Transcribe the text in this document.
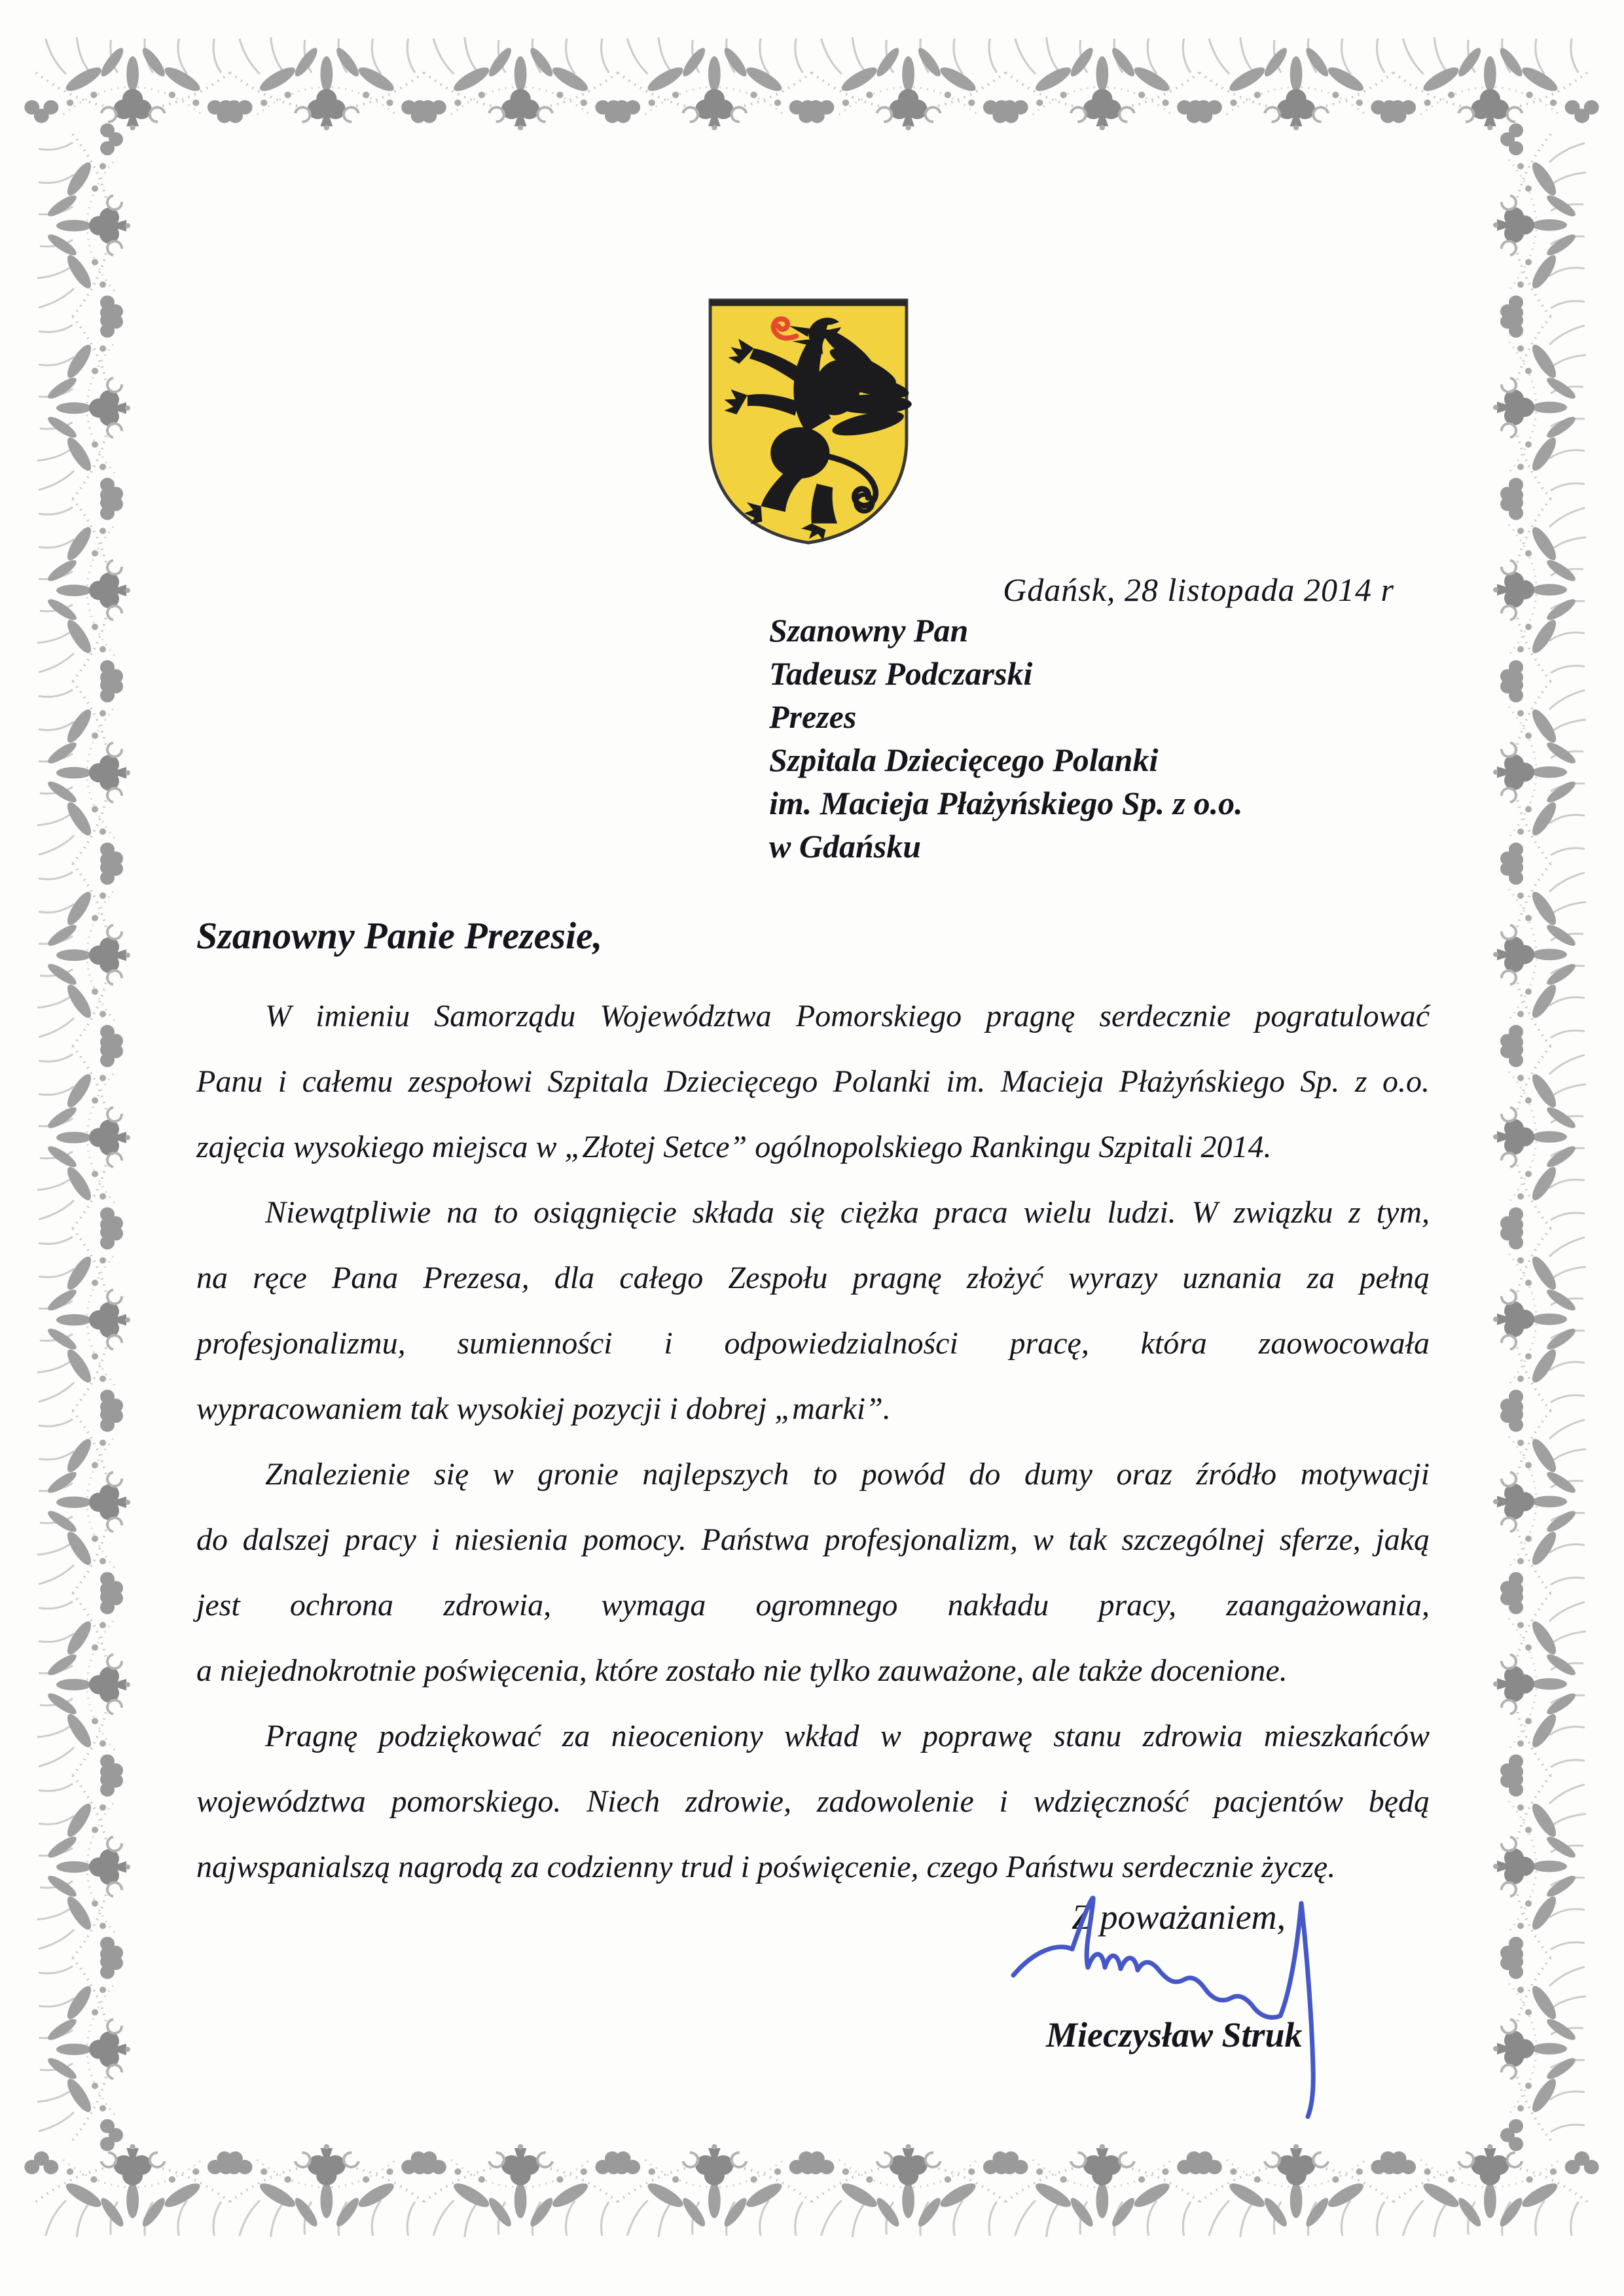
Gdańsk, 28 listopada 2014 r
Szanowny Pan
Tadeusz Podczarski
Prezes
Szpitala Dziecięcego Polanki
im. Macieja Płażyńskiego Sp. z o.o.
w Gdańsku
Szanowny Panie Prezesie,
W imieniu Samorządu Województwa Pomorskiego pragnę serdecznie pogratulować
Panu i całemu zespołowi Szpitala Dziecięcego Polanki im. Macieja Płażyńskiego Sp. z o.o.
zajęcia wysokiego miejsca w „Złotej Setce” ogólnopolskiego Rankingu Szpitali 2014.
Niewątpliwie na to osiągnięcie składa się ciężka praca wielu ludzi. W związku z tym,
na ręce Pana Prezesa, dla całego Zespołu pragnę złożyć wyrazy uznania za pełną
profesjonalizmu, sumienności i odpowiedzialności pracę, która zaowocowała
wypracowaniem tak wysokiej pozycji i dobrej „marki”.
Znalezienie się w gronie najlepszych to powód do dumy oraz źródło motywacji
do dalszej pracy i niesienia pomocy. Państwa profesjonalizm, w tak szczególnej sferze, jaką
jest ochrona zdrowia, wymaga ogromnego nakładu pracy, zaangażowania,
a niejednokrotnie poświęcenia, które zostało nie tylko zauważone, ale także docenione.
Pragnę podziękować za nieoceniony wkład w poprawę stanu zdrowia mieszkańców
województwa pomorskiego. Niech zdrowie, zadowolenie i wdzięczność pacjentów będą
najwspanialszą nagrodą za codzienny trud i poświęcenie, czego Państwu serdecznie życzę.
Z poważaniem,
Mieczysław Struk
